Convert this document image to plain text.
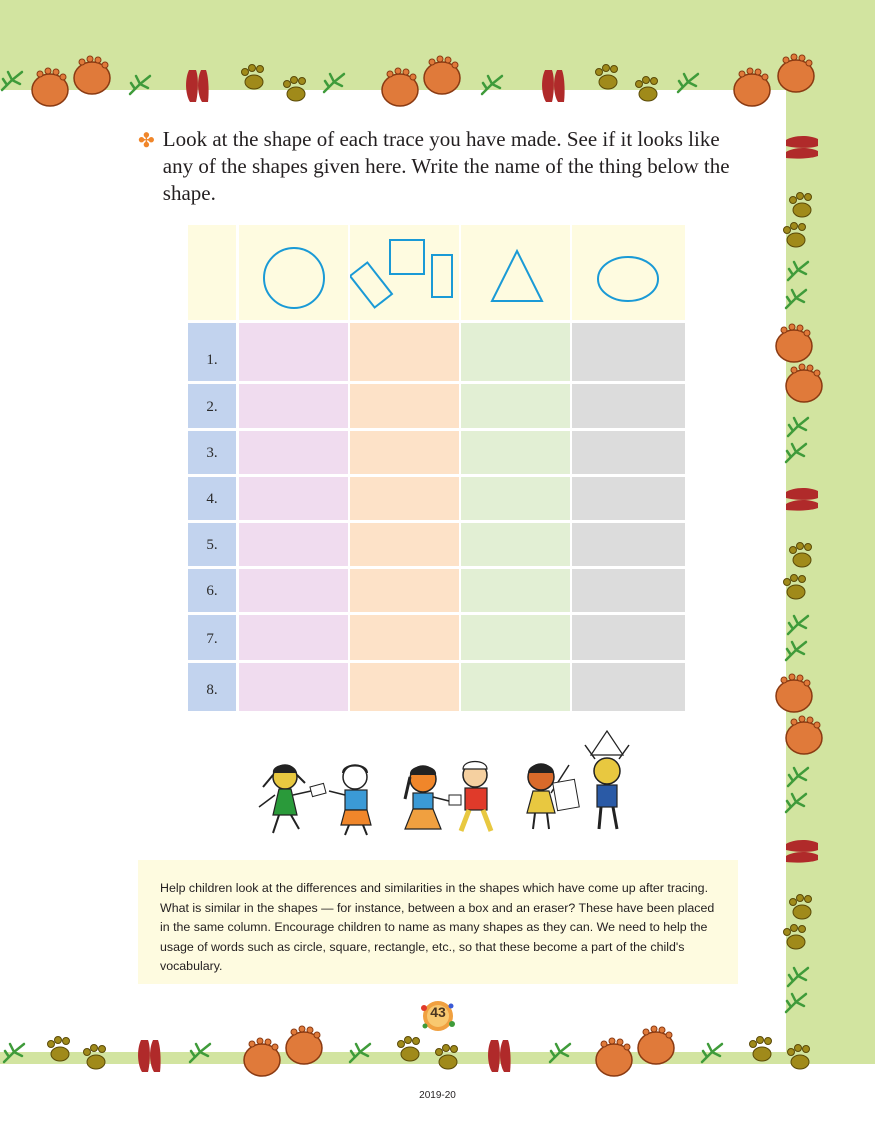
✤ Look at the shape of each trace you have made. See if it looks like any of the shapes given here. Write the name of the thing below the shape.

1.
2.
3.
4.
5.
6.
7.
8.

Help children look at the differences and similarities in the shapes which have come up after tracing. What is similar in the shapes — for instance, between a box and an eraser? These have been placed in the same column. Encourage children to name as many shapes as they can. We need to help the usage of words such as circle, square, rectangle, etc., so that these become a part of the child's vocabulary.

43
2019-20
